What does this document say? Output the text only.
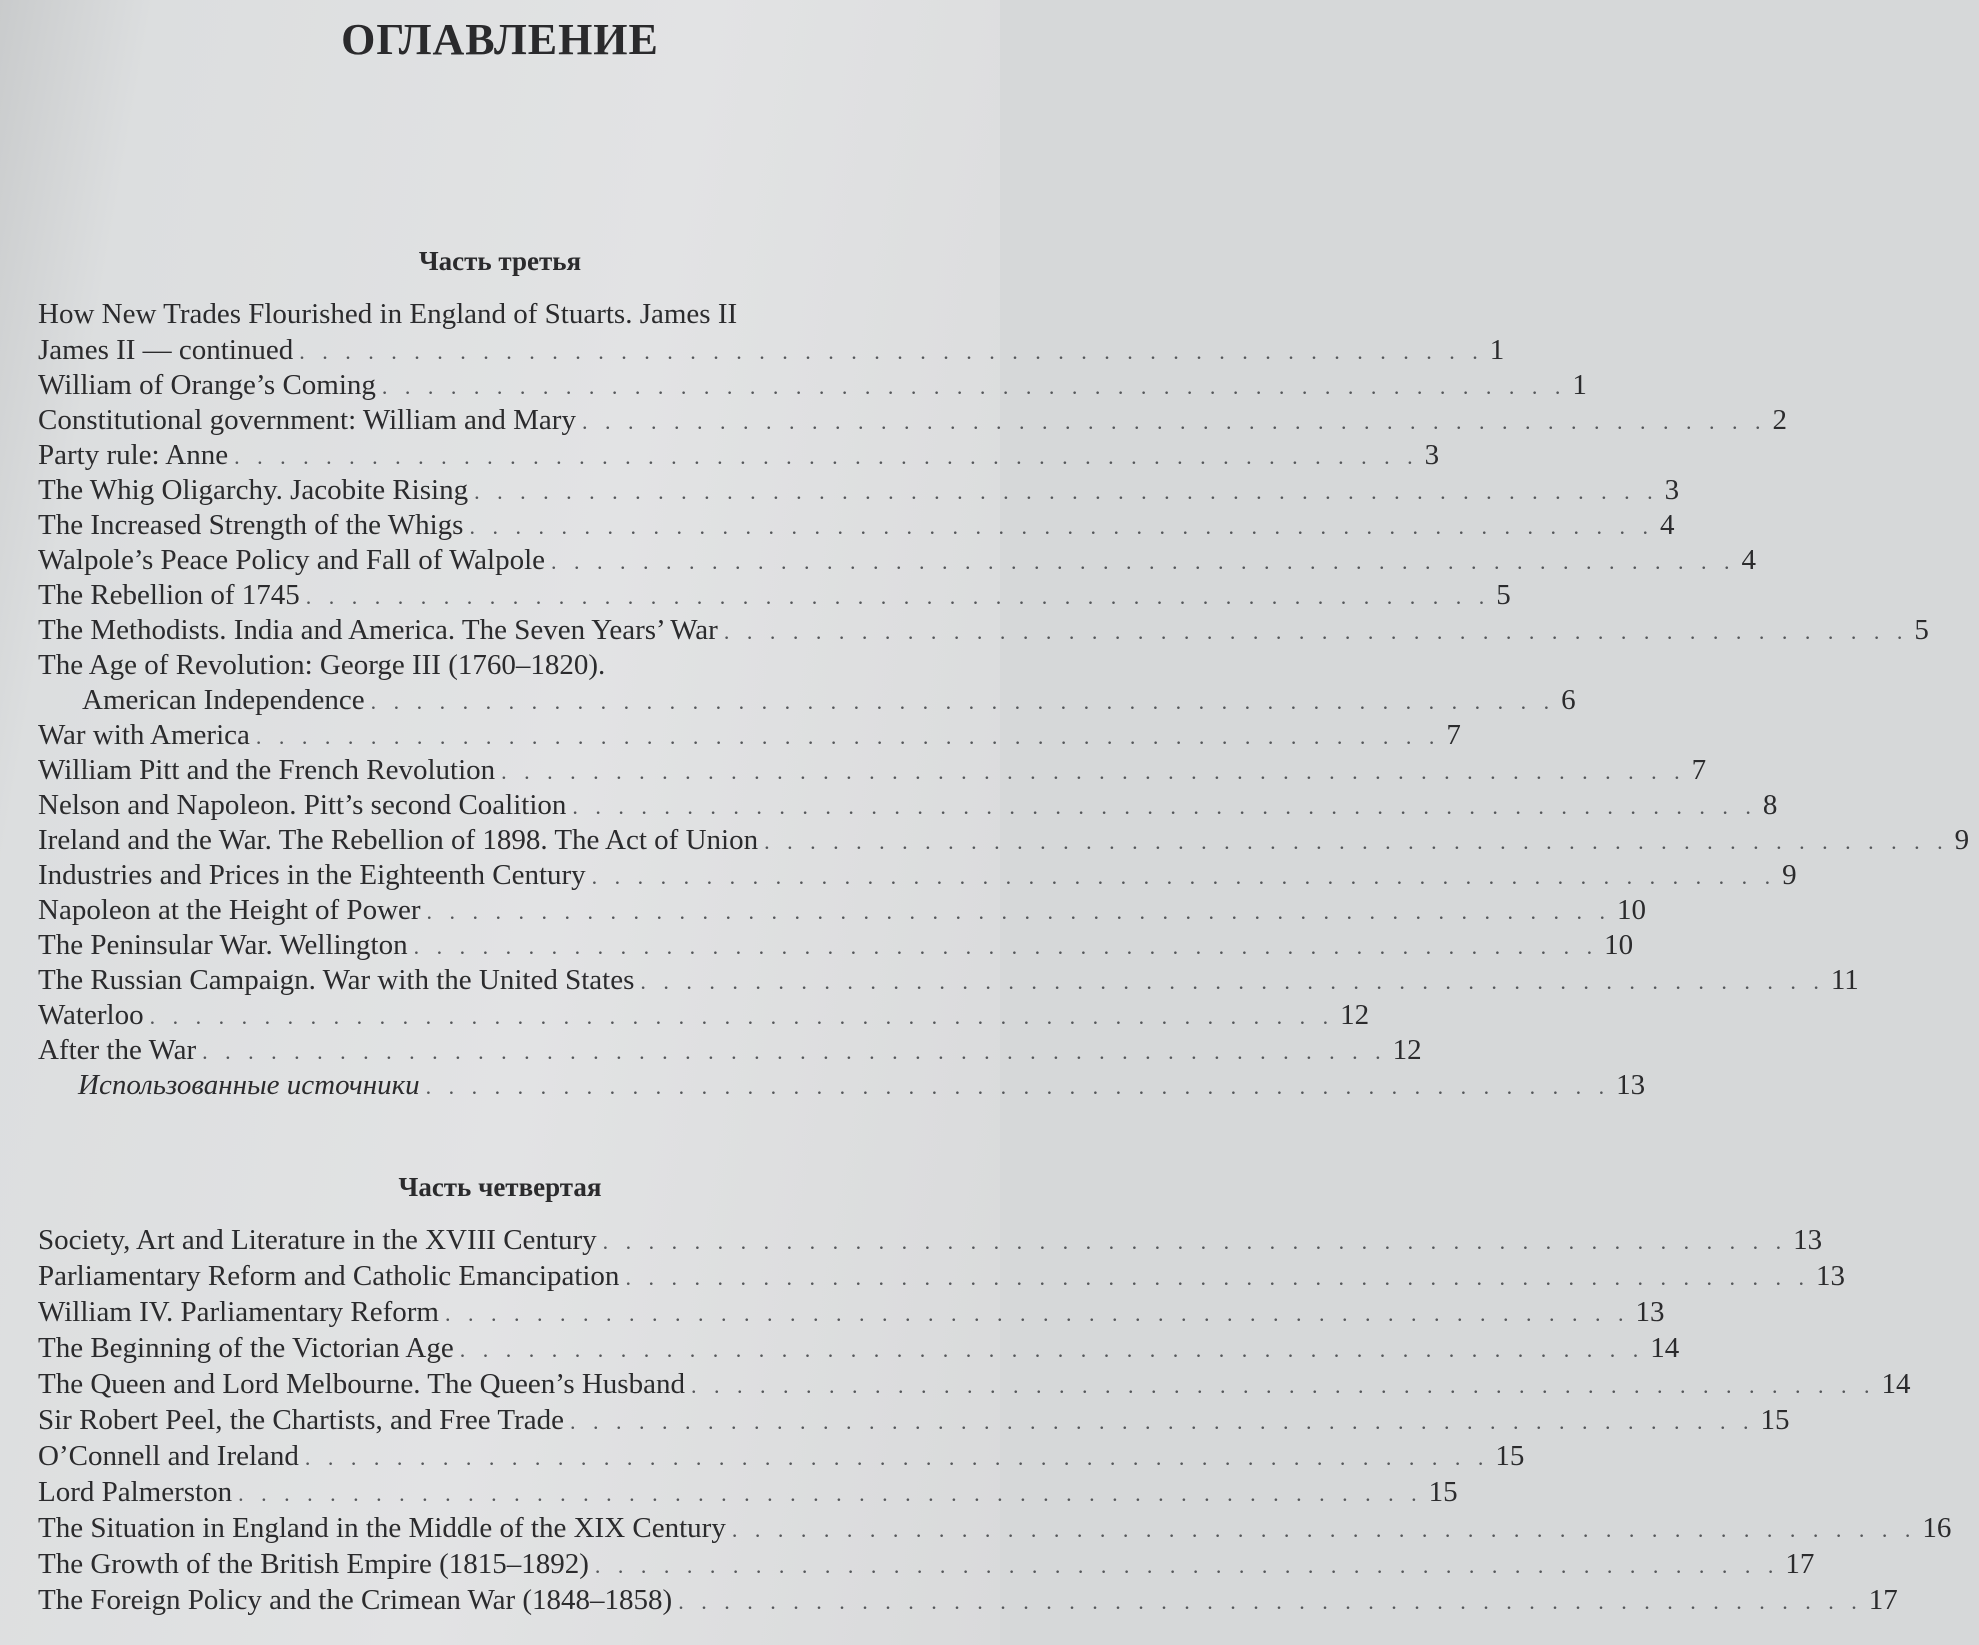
ОГЛАВЛЕНИЕ
Часть третья
How New Trades Flourished in England of Stuarts. James II
James II — continued . . .	1
William of Orange’s Coming . . .	1
Constitutional government: William and Mary . . .	2
Party rule: Anne . . .	3
The Whig Oligarchy. Jacobite Rising . . .	3
The Increased Strength of the Whigs . . .	4
Walpole’s Peace Policy and Fall of Walpole . . .	4
The Rebellion of 1745 . . .	5
The Methodists. India and America. The Seven Years’ War . . .	5
The Age of Revolution: George III (1760–1820).
American Independence . . .	6
War with America . . .	7
William Pitt and the French Revolution . . .	7
Nelson and Napoleon. Pitt’s second Coalition . . .	8
Ireland and the War. The Rebellion of 1898. The Act of Union . . .	9
Industries and Prices in the Eighteenth Century . . .	9
Napoleon at the Height of Power . . .	10
The Peninsular War. Wellington . . .	10
The Russian Campaign. War with the United States . . .	11
Waterloo . . .	12
After the War . . .	12
Использованные источники . . .	13
Часть четвертая
Society, Art and Literature in the XVIII Century . . .	13
Parliamentary Reform and Catholic Emancipation . . .	13
William IV. Parliamentary Reform . . .	13
The Beginning of the Victorian Age . . .	14
The Queen and Lord Melbourne. The Queen’s Husband . . .	14
Sir Robert Peel, the Chartists, and Free Trade . . .	15
O’Connell and Ireland . . .	15
Lord Palmerston . . .	15
The Situation in England in the Middle of the XIX Century . . .	16
The Growth of the British Empire (1815–1892) . . .	17
The Foreign Policy and the Crimean War (1848–1858) . . .	17
